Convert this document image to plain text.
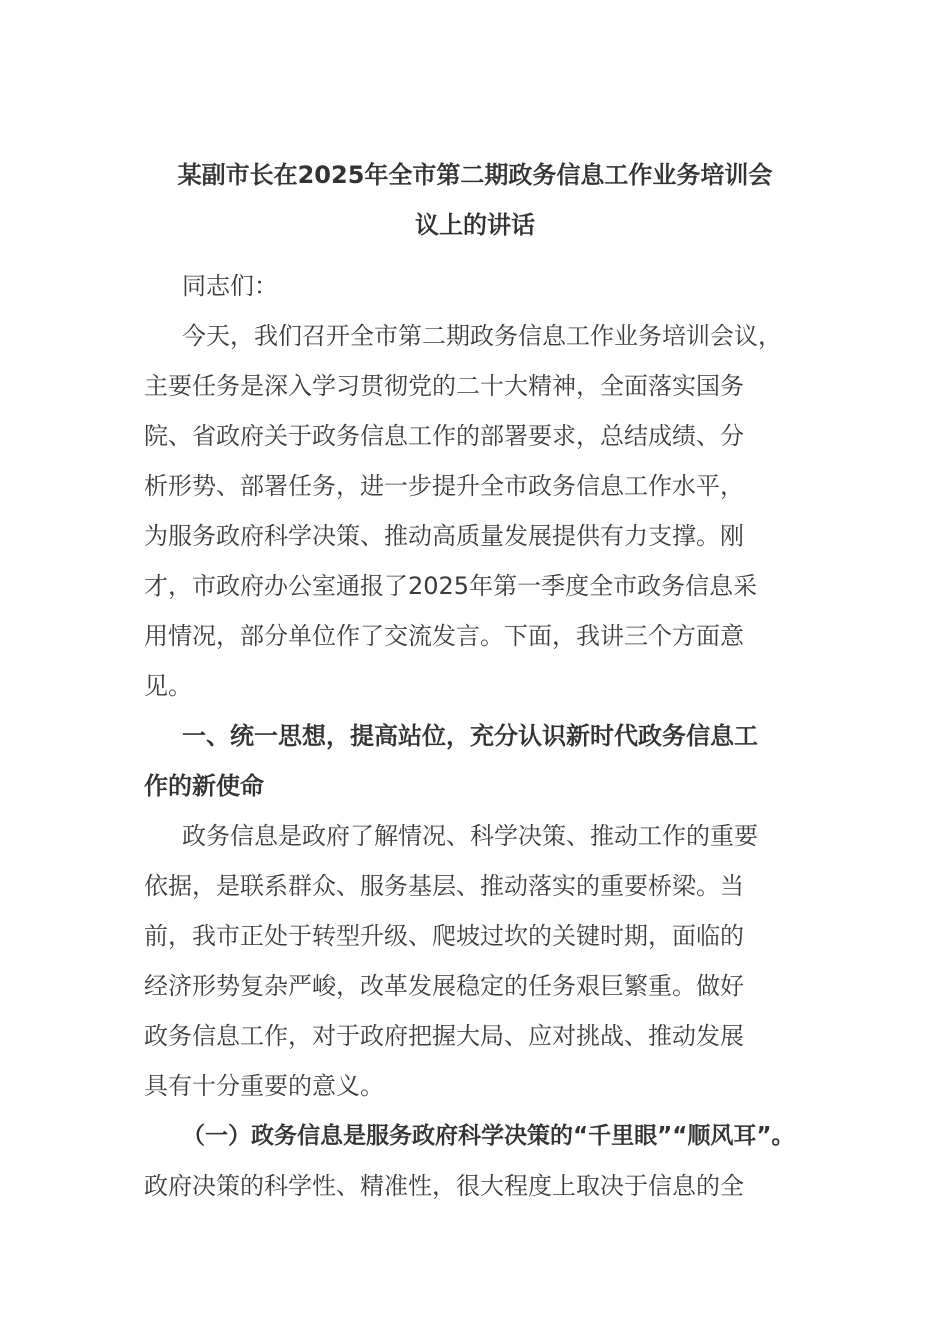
某副市长在2025年全市第二期政务信息工作业务培训会
议上的讲话

同志们：

今天，我们召开全市第二期政务信息工作业务培训会议，

主要任务是深入学习贯彻党的二十大精神，全面落实国务

院、省政府关于政务信息工作的部署要求，总结成绩、分

析形势、部署任务，进一步提升全市政务信息工作水平，

为服务政府科学决策、推动高质量发展提供有力支撑。刚

才，市政府办公室通报了2025年第一季度全市政务信息采

用情况，部分单位作了交流发言。下面，我讲三个方面意

见。

一、统一思想，提高站位，充分认识新时代政务信息工

作的新使命

政务信息是政府了解情况、科学决策、推动工作的重要

依据，是联系群众、服务基层、推动落实的重要桥梁。当

前，我市正处于转型升级、爬坡过坎的关键时期，面临的

经济形势复杂严峻，改革发展稳定的任务艰巨繁重。做好

政务信息工作，对于政府把握大局、应对挑战、推动发展

具有十分重要的意义。

（一）政务信息是服务政府科学决策的“千里眼”“顺风耳”。

政府决策的科学性、精准性，很大程度上取决于信息的全
